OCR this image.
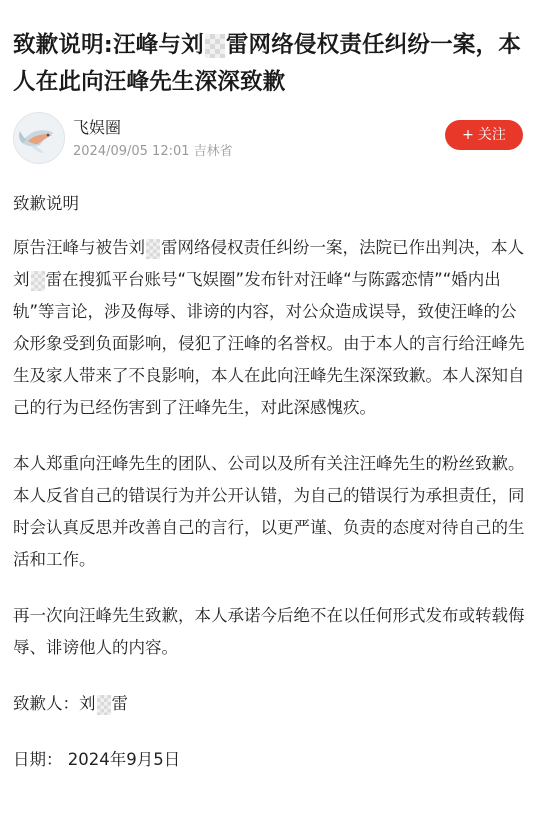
致歉说明:汪峰与刘 雷网络侵权责任纠纷一案，本人在此向汪峰先生深深致歉
飞娱圈
2024/09/05 12:01 吉林省
+ 关注

致歉说明

原告汪峰与被告刘 雷网络侵权责任纠纷一案，法院已作出判决，本人刘 雷在搜狐平台账号“飞娱圈”发布针对汪峰“与陈露恋情”“婚内出轨”等言论，涉及侮辱、诽谤的内容，对公众造成误导，致使汪峰的公众形象受到负面影响，侵犯了汪峰的名誉权。由于本人的言行给汪峰先生及家人带来了不良影响，本人在此向汪峰先生深深致歉。本人深知自己的行为已经伤害到了汪峰先生，对此深感愧疚。

本人郑重向汪峰先生的团队、公司以及所有关注汪峰先生的粉丝致歉。本人反省自己的错误行为并公开认错，为自己的错误行为承担责任，同时会认真反思并改善自己的言行，以更严谨、负责的态度对待自己的生活和工作。

再一次向汪峰先生致歉，本人承诺今后绝不在以任何形式发布或转载侮辱、诽谤他人的内容。

致歉人：刘 雷

日期： 2024年9月5日
